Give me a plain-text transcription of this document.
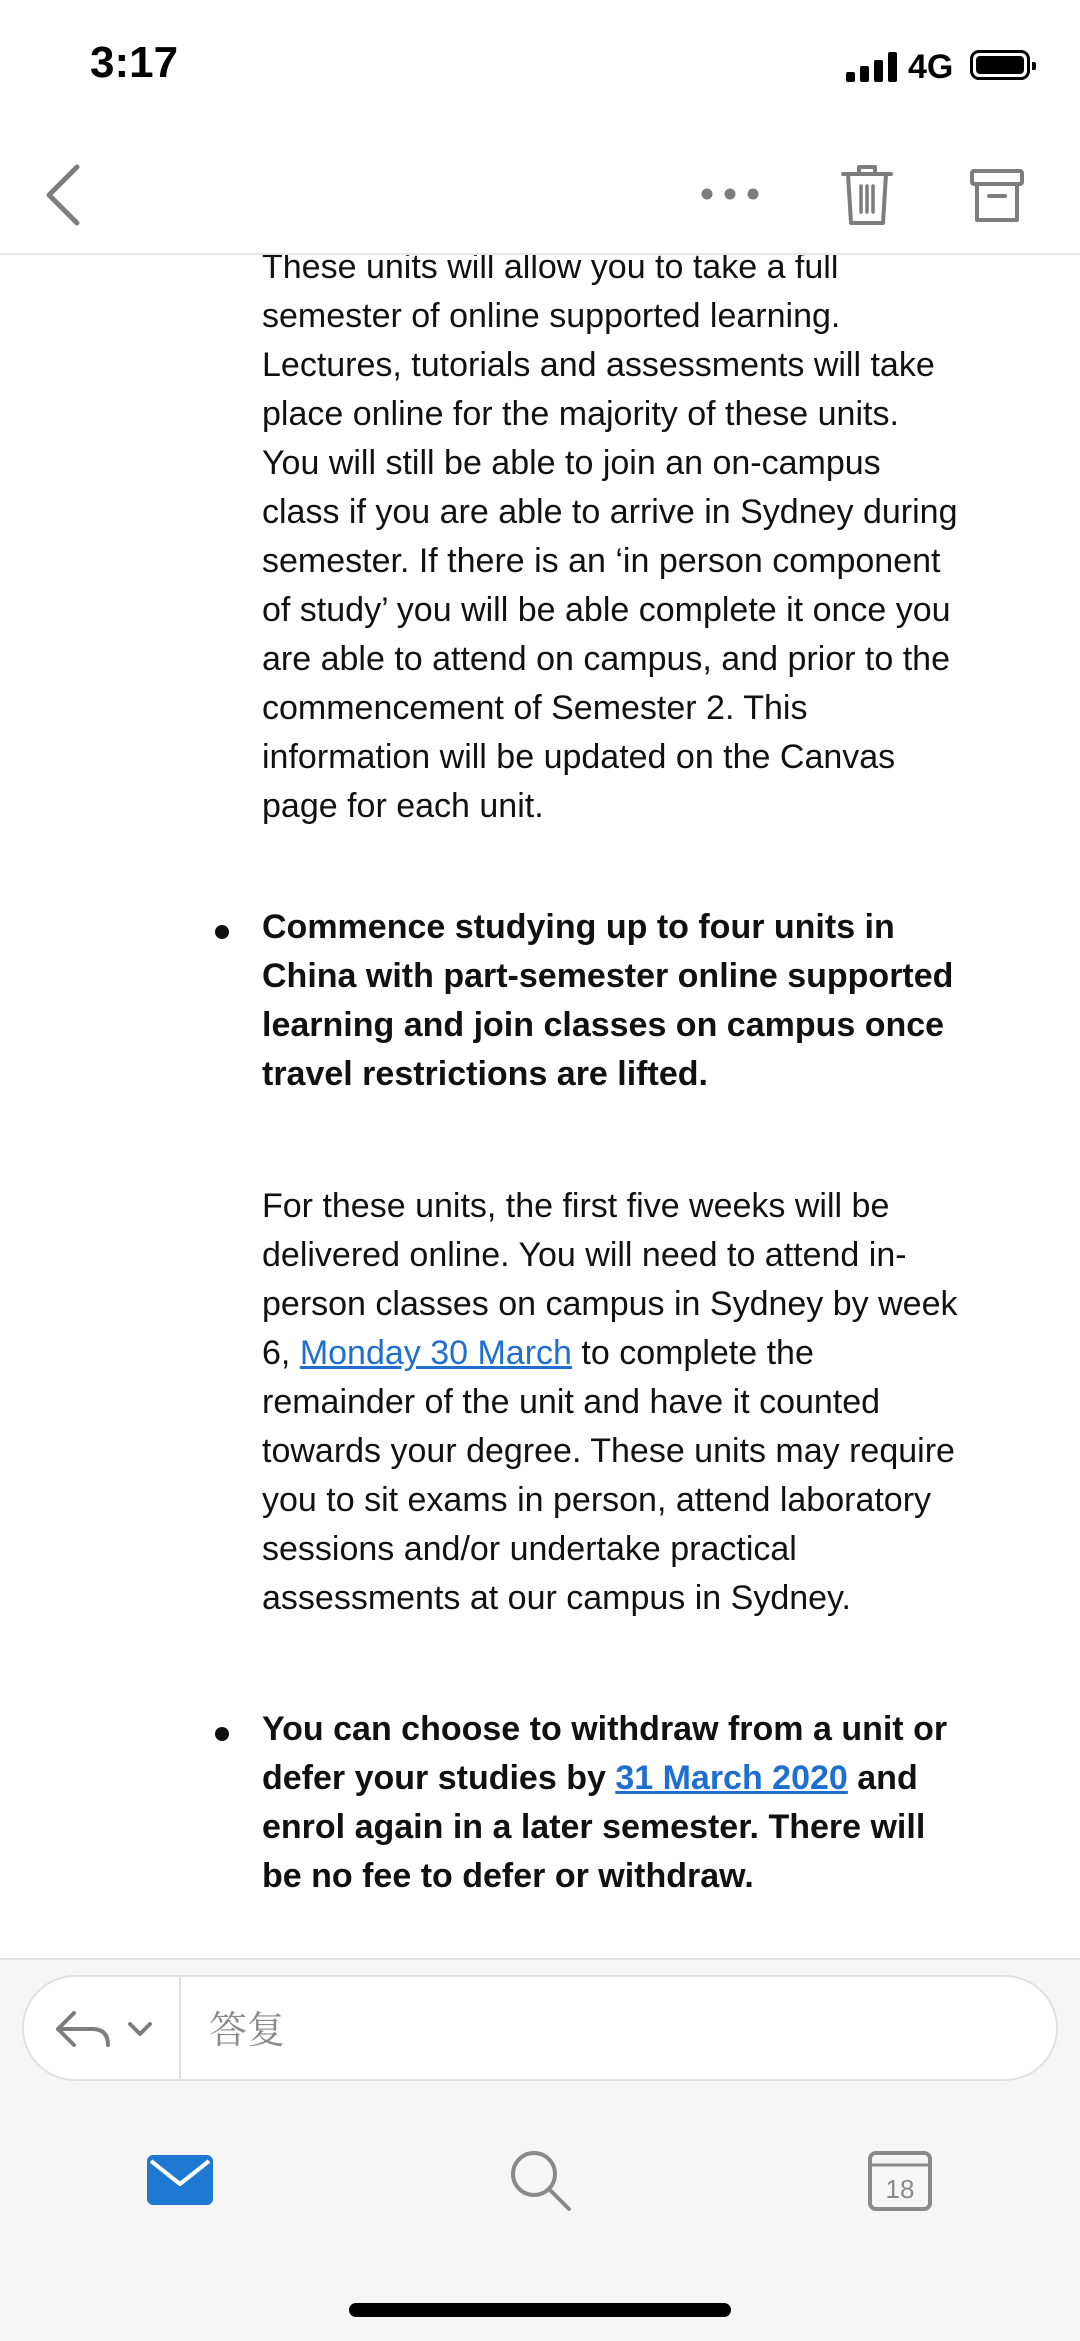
3:17	4G

These units will allow you to take a full semester of online supported learning. Lectures, tutorials and assessments will take place online for the majority of these units. You will still be able to join an on-campus class if you are able to arrive in Sydney during semester. If there is an ‘in person component of study’ you will be able complete it once you are able to attend on campus, and prior to the commencement of Semester 2. This information will be updated on the Canvas page for each unit.

Commence studying up to four units in China with part-semester online supported learning and join classes on campus once travel restrictions are lifted.

For these units, the first five weeks will be delivered online. You will need to attend in-person classes on campus in Sydney by week 6, Monday 30 March to complete the remainder of the unit and have it counted towards your degree. These units may require you to sit exams in person, attend laboratory sessions and/or undertake practical assessments at our campus in Sydney.

You can choose to withdraw from a unit or defer your studies by 31 March 2020 and enrol again in a later semester. There will be no fee to defer or withdraw.

答复
18
